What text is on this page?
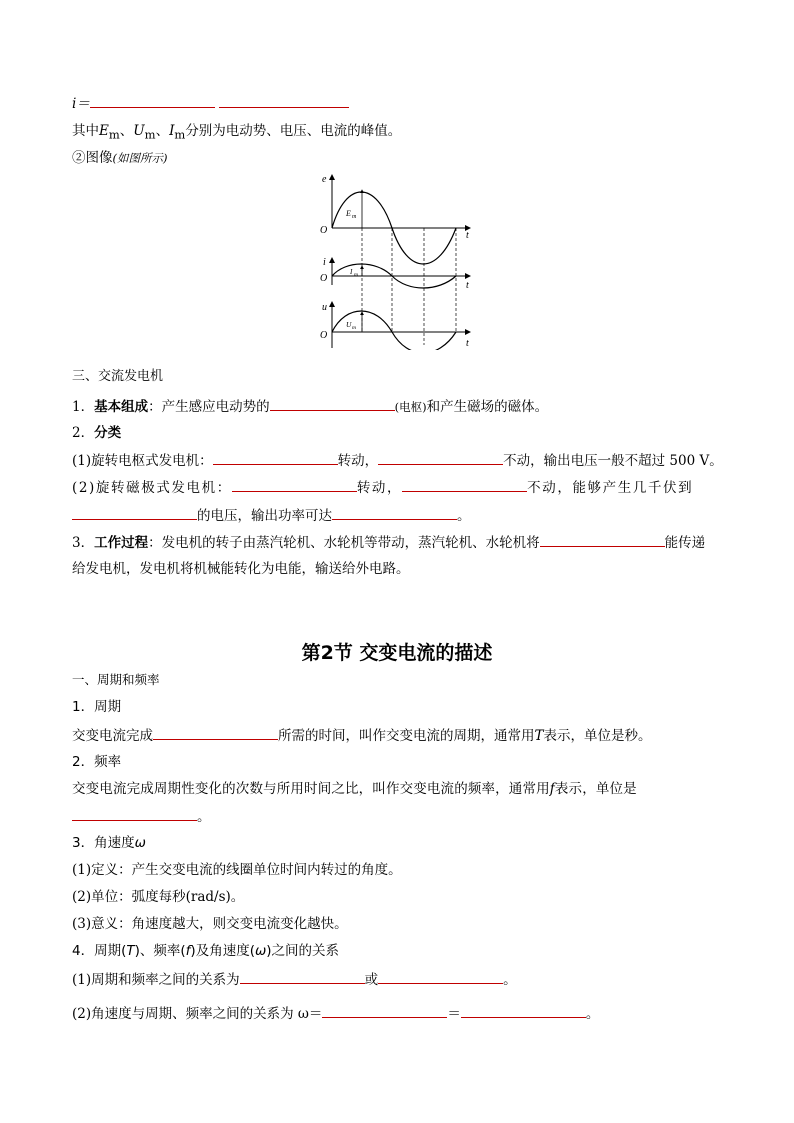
i＝
其中$E_m$、$U_m$、$I_m$分别为电动势、电压、电流的峰值。
②图像(如图所示)
e
O	t
E m
i
O
t
I m
u
O
t
U m
三、交流发电机
1．基本组成：产生感应电动势的	(电枢)和产生磁场的磁体。
2．分类
(1)旋转电枢式发电机：	转动，	不动，输出电压一般不超过 500 V。
(2)旋转磁极式发电机：	转动，	不动，能够产生几千伏到
的电压，输出功率可达	。
3．工作过程：发电机的转子由蒸汽轮机、水轮机等带动，蒸汽轮机、水轮机将	能传递
给发电机，发电机将机械能转化为电能，输送给外电路。
第2节 交变电流的描述
一、周期和频率
1．周期
交变电流完成	所需的时间，叫作交变电流的周期，通常用T表示，单位是秒。
2．频率
交变电流完成周期性变化的次数与所用时间之比，叫作交变电流的频率，通常用f表示，单位是
。
3．角速度ω
(1)定义：产生交变电流的线圈单位时间内转过的角度。
(2)单位：弧度每秒(rad/s)。
(3)意义：角速度越大，则交变电流变化越快。
4．周期(T)、频率(f)及角速度(ω)之间的关系
(1)周期和频率之间的关系为	或	。
(2)角速度与周期、频率之间的关系为 ω＝	＝	。
